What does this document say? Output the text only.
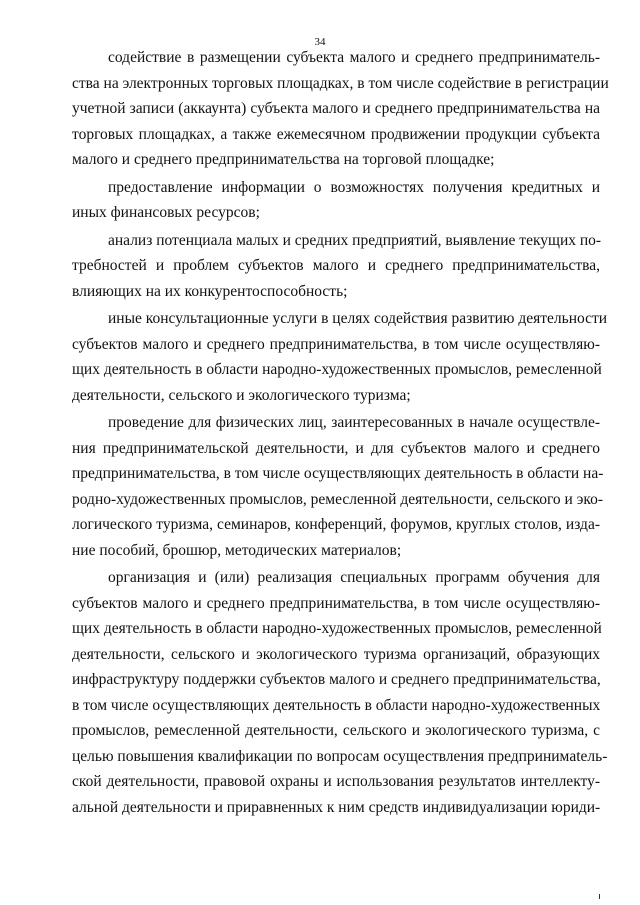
34
содействие в размещении субъекта малого и среднего предприниматель-
ства на электронных торговых площадках, в том числе содействие в регистрации
учетной записи (аккаунта) субъекта малого и среднего предпринимательства на
торговых площадках, а также ежемесячном продвижении продукции субъекта
малого и среднего предпринимательства на торговой площадке;
предоставление информации о возможностях получения кредитных и
иных финансовых ресурсов;
анализ потенциала малых и средних предприятий, выявление текущих по-
требностей и проблем субъектов малого и среднего предпринимательства,
влияющих на их конкурентоспособность;
иные консультационные услуги в целях содействия развитию деятельности
субъектов малого и среднего предпринимательства, в том числе осуществляю-
щих деятельность в области народно-художественных промыслов, ремесленной
деятельности, сельского и экологического туризма;
проведение для физических лиц, заинтересованных в начале осуществле-
ния предпринимательской деятельности, и для субъектов малого и среднего
предпринимательства, в том числе осуществляющих деятельность в области на-
родно-художественных промыслов, ремесленной деятельности, сельского и эко-
логического туризма, семинаров, конференций, форумов, круглых столов, изда-
ние пособий, брошюр, методических материалов;
организация и (или) реализация специальных программ обучения для
субъектов малого и среднего предпринимательства, в том числе осуществляю-
щих деятельность в области народно-художественных промыслов, ремесленной
деятельности, сельского и экологического туризма организаций, образующих
инфраструктуру поддержки субъектов малого и среднего предпринимательства,
в том числе осуществляющих деятельность в области народно-художественных
промыслов, ремесленной деятельности, сельского и экологического туризма, с
целью повышения квалификации по вопросам осуществления предпринимatель-
ской деятельности, правовой охраны и использования результатов интеллекту-
альной деятельности и приравненных к ним средств индивидуализации юриди-
